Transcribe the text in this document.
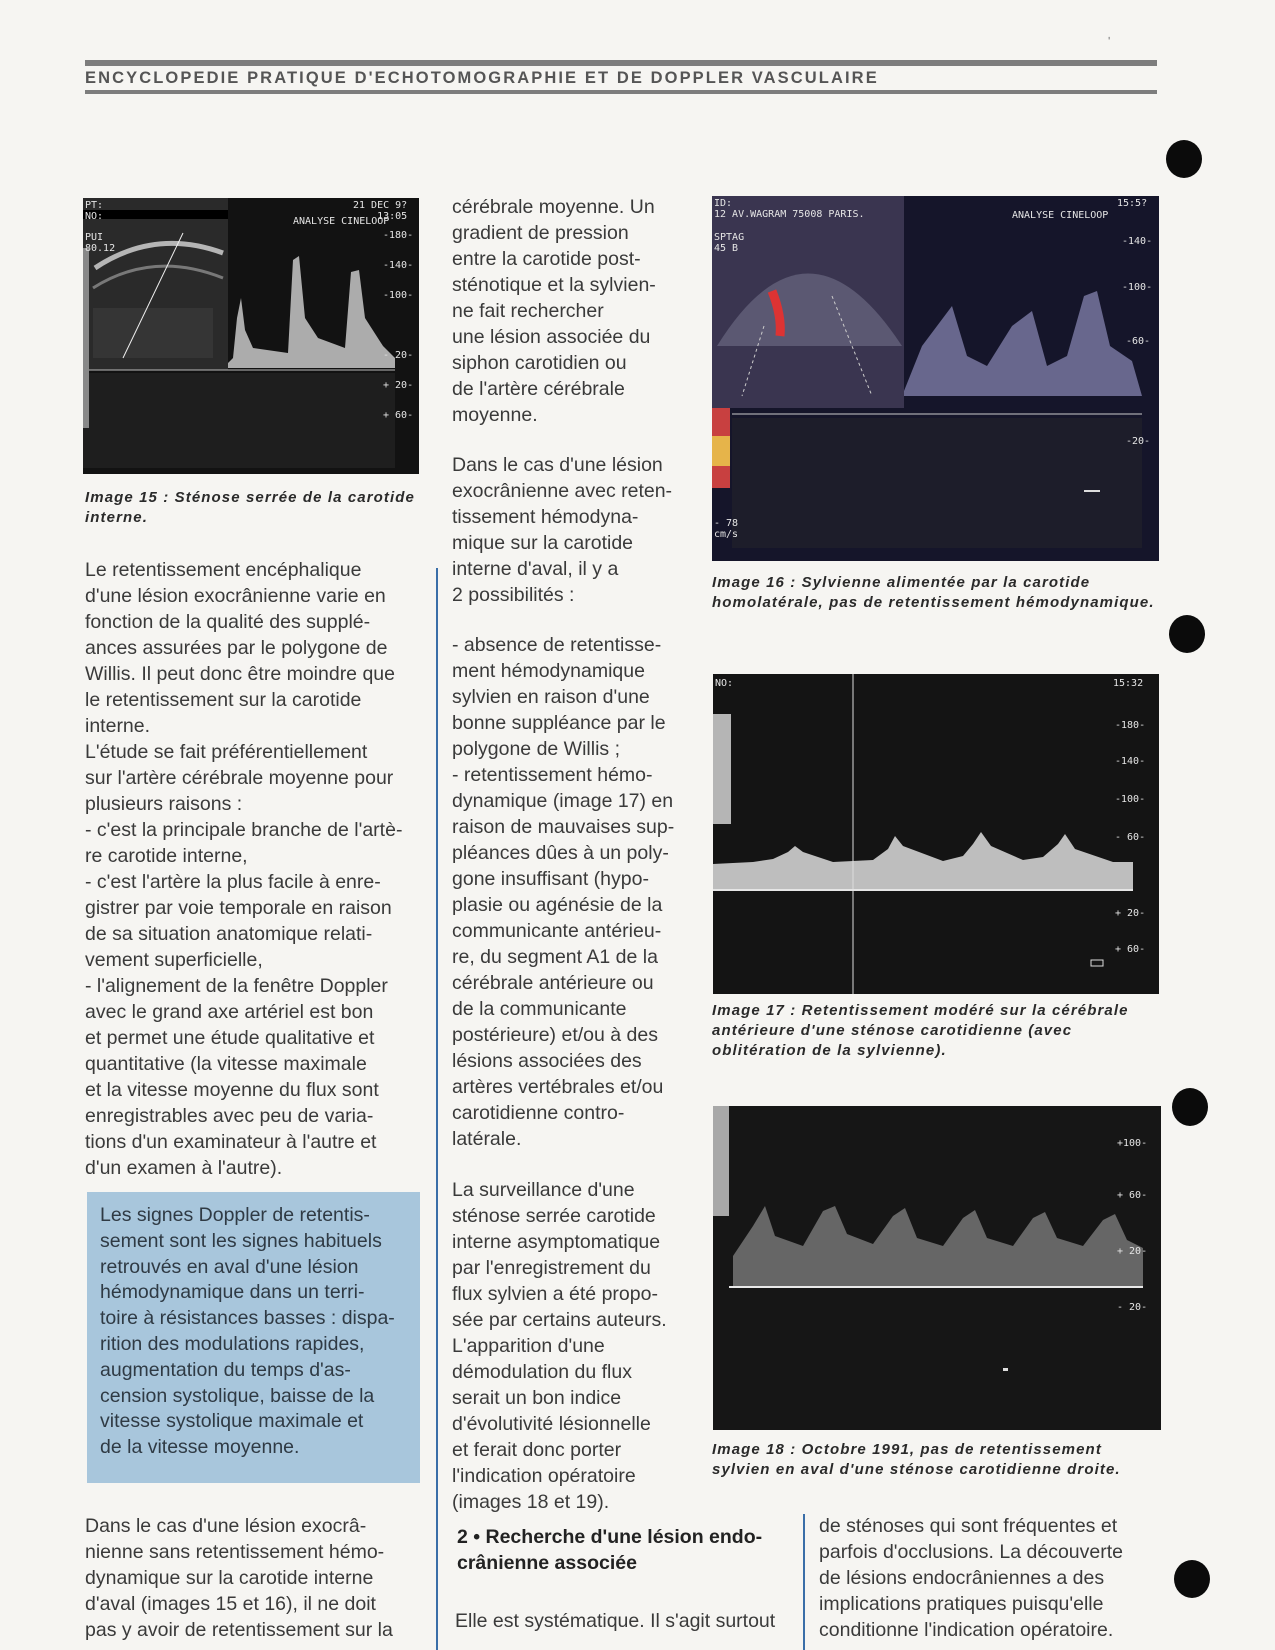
ʹ
ENCYCLOPEDIE PRATIQUE D'ECHOTOMOGRAPHIE ET DE DOPPLER VASCULAIRE
PT:
NO:
21 DEC 9?
13:05
ANALYSE CINELOOP
PUI
80.12
-180-
-140-
-100-
- 20-
+ 20-
+ 60-
Image 15 : Sténose serrée de la carotide interne.
ID:
12 AV.WAGRAM 75008 PARIS.
15:5?
ANALYSE CINELOOP
SPTAG
45 B
-140-
-100-
-60-
-20-
- 78
cm/s
Image 16 : Sylvienne alimentée par la carotide homolatérale, pas de retentissement hémodynamique.
NO:	15:32
-180-
-140-
-100-
- 60-
+ 20-
+ 60-
Image 17 : Retentissement modéré sur la cérébrale antérieure d'une sténose carotidienne (avec oblitération de la sylvienne).
+100-
+ 60-
+ 20-
- 20-
Image 18 : Octobre 1991, pas de retentissement sylvien en aval d'une sténose carotidienne droite.
Le retentissement encéphalique
d'une lésion exocrânienne varie en
fonction de la qualité des supplé-
ances assurées par le polygone de
Willis. Il peut donc être moindre que
le retentissement sur la carotide
interne.
L'étude se fait préférentiellement
sur l'artère cérébrale moyenne pour
plusieurs raisons :
- c'est la principale branche de l'artè-
re carotide interne,
- c'est l'artère la plus facile à enre-
gistrer par voie temporale en raison
de sa situation anatomique relati-
vement superficielle,
- l'alignement de la fenêtre Doppler
avec le grand axe artériel est bon
et permet une étude qualitative et
quantitative (la vitesse maximale
et la vitesse moyenne du flux sont
enregistrables avec peu de varia-
tions d'un examinateur à l'autre et
d'un examen à l'autre).
Les signes Doppler de retentis-
sement sont les signes habituels
retrouvés en aval d'une lésion
hémodynamique dans un terri-
toire à résistances basses : dispa-
rition des modulations rapides,
augmentation du temps d'as-
cension systolique, baisse de la
vitesse systolique maximale et
de la vitesse moyenne.
Dans le cas d'une lésion exocrâ-
nienne sans retentissement hémo-
dynamique sur la carotide interne
d'aval (images 15 et 16), il ne doit
pas y avoir de retentissement sur la
cérébrale moyenne. Un
gradient de pression
entre la carotide post-
sténotique et la sylvien-
ne fait rechercher
une lésion associée du
siphon carotidien ou
de l'artère cérébrale
moyenne.
Dans le cas d'une lésion
exocrânienne avec reten-
tissement hémodyna-
mique sur la carotide
interne d'aval, il y a
2 possibilités :
- absence de retentisse-
ment hémodynamique
sylvien en raison d'une
bonne suppléance par le
polygone de Willis ;
- retentissement hémo-
dynamique (image 17) en
raison de mauvaises sup-
pléances dûes à un poly-
gone insuffisant (hypo-
plasie ou agénésie de la
communicante antérieu-
re, du segment A1 de la
cérébrale antérieure ou
de la communicante
postérieure) et/ou à des
lésions associées des
artères vertébrales et/ou
carotidienne contro-
latérale.
La surveillance d'une
sténose serrée carotide
interne asymptomatique
par l'enregistrement du
flux sylvien a été propo-
sée par certains auteurs.
L'apparition d'une
démodulation du flux
serait un bon indice
d'évolutivité lésionnelle
et ferait donc porter
l'indication opératoire
(images 18 et 19).
2 • Recherche d'une lésion endo-
crânienne associée

Elle est systématique. Il s'agit surtout

de sténoses qui sont fréquentes et
parfois d'occlusions. La découverte
de lésions endocrâniennes a des
implications pratiques puisqu'elle
conditionne l'indication opératoire.
